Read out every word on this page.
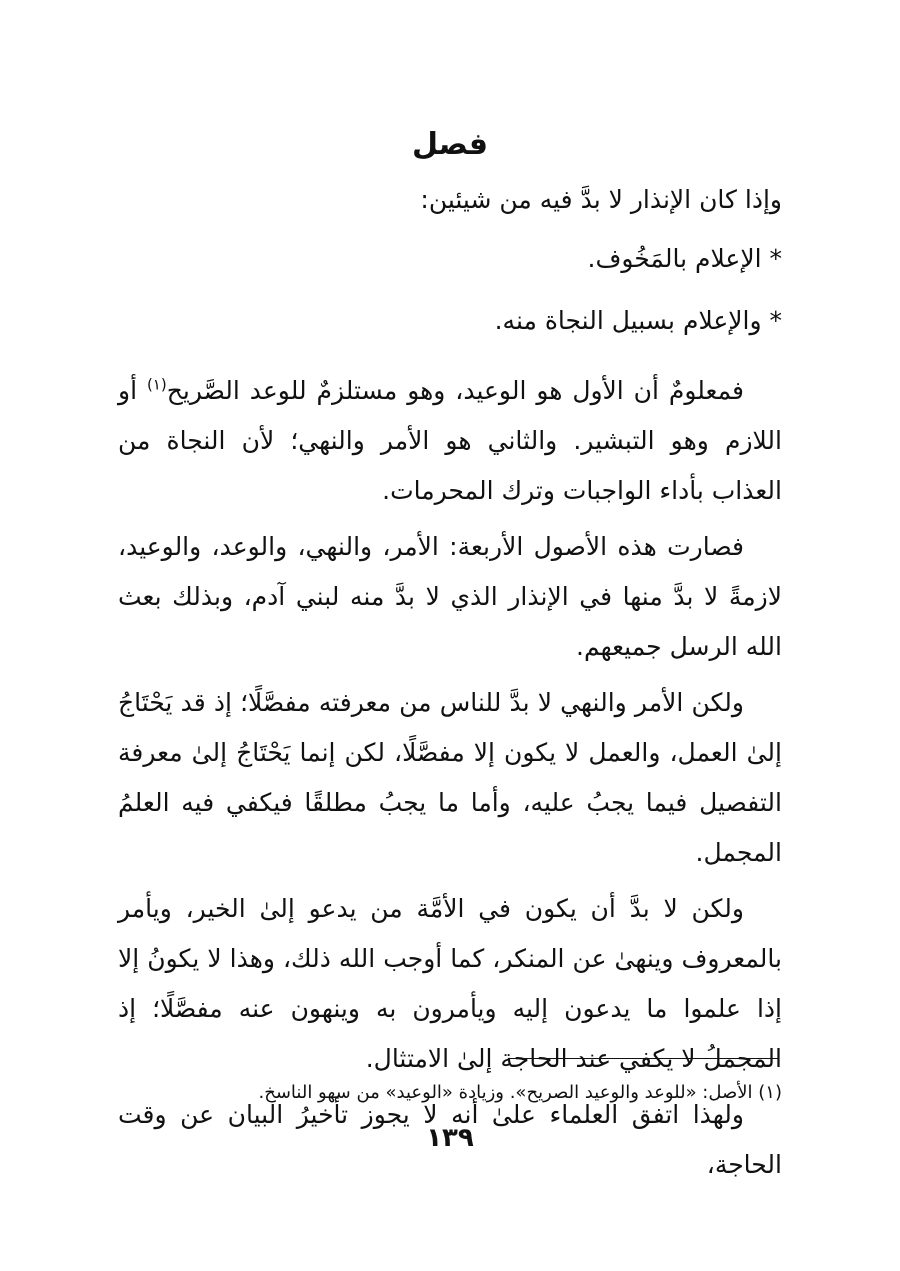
فصل

وإذا كان الإنذار لا بدَّ فيه من شيئين:

* الإعلام بالمَخُوف.

* والإعلام بسبيل النجاة منه.

فمعلومٌ أن الأول هو الوعيد، وهو مستلزمٌ للوعد الصَّريح$^{(١)}$ أو اللازم وهو التبشير. والثاني هو الأمر والنهي؛ لأن النجاة من العذاب بأداء الواجبات وترك المحرمات.

فصارت هذه الأصول الأربعة: الأمر، والنهي، والوعد، والوعيد، لازمةً لا بدَّ منها في الإنذار الذي لا بدَّ منه لبني آدم، وبذلك بعث الله الرسل جميعهم.

ولكن الأمر والنهي لا بدَّ للناس من معرفته مفصَّلًا؛ إذ قد يَحْتَاجُ إلىٰ العمل، والعمل لا يكون إلا مفصَّلًا، لكن إنما يَحْتَاجُ إلىٰ معرفة التفصيل فيما يجبُ عليه، وأما ما يجبُ مطلقًا فيكفي فيه العلمُ المجمل.

ولكن لا بدَّ أن يكون في الأمَّة من يدعو إلىٰ الخير، ويأمر بالمعروف وينهىٰ عن المنكر، كما أوجب الله ذلك، وهذا لا يكونُ إلا إذا علموا ما يدعون إليه ويأمرون به وينهون عنه مفصَّلًا؛ إذ المجملُ لا يكفي عند الحاجة إلىٰ الامتثال.

ولهذا اتفق العلماء علىٰ أنه لا يجوز تأخيرُ البيان عن وقت الحاجة،

(١) الأصل: «للوعد والوعيد الصريح». وزيادة «الوعيد» من سهو الناسخ.
١٣٩
